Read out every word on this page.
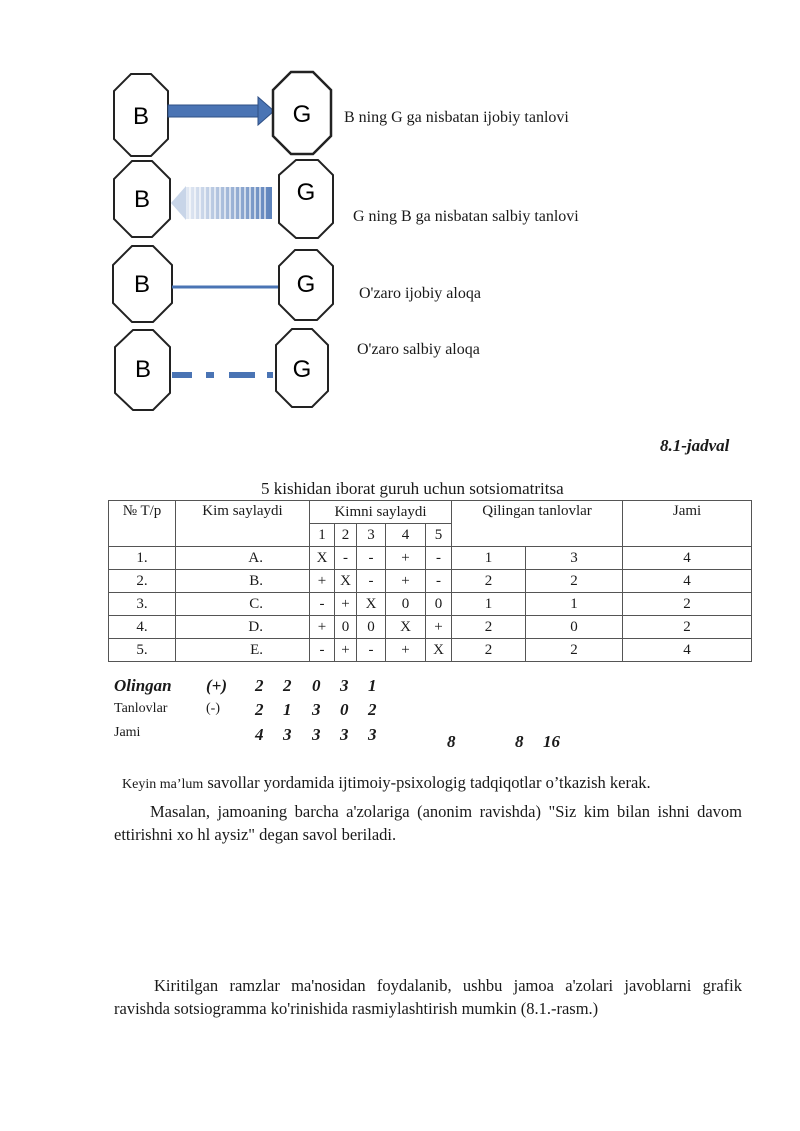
B	G
B	G
B	G
B	G
B ning G ga nisbatan ijobiy tanlovi
G ning B ga nisbatan salbiy tanlovi
O'zaro ijobiy aloqa
O'zaro salbiy aloqa
8.1-jadval
5 kishidan iborat guruh uchun sotsiomatritsa
№ T/p	Kim saylaydi	Kimni saylaydi					Qilingan tanlovlar		Jami
		1	2	3	4	5			
1.	A.	X	-	-	+	-	1	3	4
2.	B.	+	X	-	+	-	2	2	4
3.	C.	-	+	X	0	0	1	1	2
4.	D.	+	0	0	X	+	2	0	2
5.	E.	-	+	-	+	X	2	2	4
Olingan (+) 2 2 0 3 1
Tanlovlar	(-) 2 1 3 0 2
Jami	4 3 3 3 3	8	8 16
Keyin ma’lum savollar yordamida ijtimoiy-psixologig tadqiqotlar o’tkazish kerak.
Masalan, jamoaning barcha a'zolariga (anonim ravishda) "Siz kim bilan ishni davom ettirishni xo hl aysiz" degan savol beriladi.
Kiritilgan ramzlar ma'nosidan foydalanib, ushbu jamoa a'zolari javoblarni grafik ravishda sotsiogramma ko'rinishida rasmiylashtirish mumkin (8.1.-rasm.)
